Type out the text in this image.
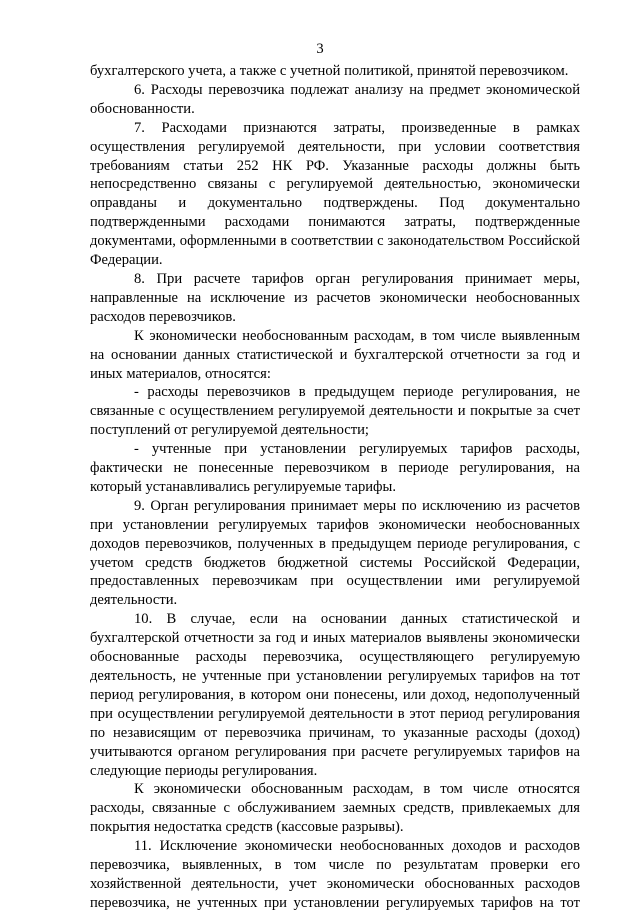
3

бухгалтерского учета, а также с учетной политикой, принятой перевозчиком.

6. Расходы перевозчика подлежат анализу на предмет экономической обоснованности.

7. Расходами признаются затраты, произведенные в рамках осуществления регулируемой деятельности, при условии соответствия требованиям статьи 252 НК РФ. Указанные расходы должны быть непосредственно связаны с регулируемой деятельностью, экономически оправданы и документально подтверждены. Под документально подтвержденными расходами понимаются затраты, подтвержденные документами, оформленными в соответствии с законодательством Российской Федерации.

8. При расчете тарифов орган регулирования принимает меры, направленные на исключение из расчетов экономически необоснованных расходов перевозчиков.

К экономически необоснованным расходам, в том числе выявленным на основании данных статистической и бухгалтерской отчетности за год и иных материалов, относятся:

- расходы перевозчиков в предыдущем периоде регулирования, не связанные с осуществлением регулируемой деятельности и покрытые за счет поступлений от регулируемой деятельности;

- учтенные при установлении регулируемых тарифов расходы, фактически не понесенные перевозчиком в периоде регулирования, на который устанавливались регулируемые тарифы.

9. Орган регулирования принимает меры по исключению из расчетов при установлении регулируемых тарифов экономически необоснованных доходов перевозчиков, полученных в предыдущем периоде регулирования, с учетом средств бюджетов бюджетной системы Российской Федерации, предоставленных перевозчикам при осуществлении ими регулируемой деятельности.

10. В случае, если на основании данных статистической и бухгалтерской отчетности за год и иных материалов выявлены экономически обоснованные расходы перевозчика, осуществляющего регулируемую деятельность, не учтенные при установлении регулируемых тарифов на тот период регулирования, в котором они понесены, или доход, недополученный при осуществлении регулируемой деятельности в этот период регулирования по независящим от перевозчика причинам, то указанные расходы (доход) учитываются органом регулирования при расчете регулируемых тарифов на следующие периоды регулирования.

К экономически обоснованным расходам, в том числе относятся расходы, связанные с обслуживанием заемных средств, привлекаемых для покрытия недостатка средств (кассовые разрывы).

11. Исключение экономически необоснованных доходов и расходов перевозчика, выявленных, в том числе по результатам проверки его хозяйственной деятельности, учет экономически обоснованных расходов перевозчика, не учтенных при установлении регулируемых тарифов на тот
